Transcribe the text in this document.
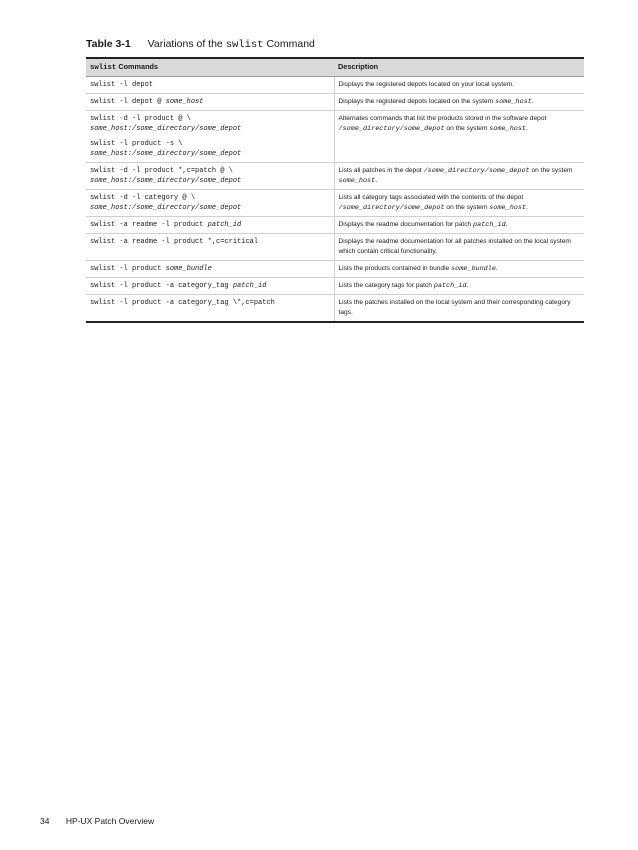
Table 3-1 Variations of the swlist Command
swlist Commands	Description
swlist -l depot	Displays the registered depots located on your local system.
swlist -l depot @ some_host	Displays the registered depots located on the system some_host.

swlist -d -l product @ \
some_host:/some_directory/some_depot
swlist -l product -s \
some_host:/some_directory/some_depot	Alternates commands that list the products stored in the software depot /some_directory/some_depot on the system some_host.

swlist -d -l product *,c=patch @ \
some_host:/some_directory/some_depot	Lists all patches in the depot /some_directory/some_depot on the system some_host.

swlist -d -l category @ \
some_host:/some_directory/some_depot	Lists all category tags associated with the contents of the depot /some_directory/some_depot on the system some_host.
swlist -a readme -l product patch_id	Displays the readme documentation for patch patch_id.
swlist -a readme -l product *,c=critical	Displays the readme documentation for all patches installed on the local system which contain critical functionality.
swlist -l product some_bundle	Lists the products contained in bundle some_bundle.
swlist -l product -a category_tag patch_id	Lists the category tags for patch patch_id.
swlist -l product -a category_tag \*,c=patch	Lists the patches installed on the local system and their corresponding category tags.
34 HP-UX Patch Overview
